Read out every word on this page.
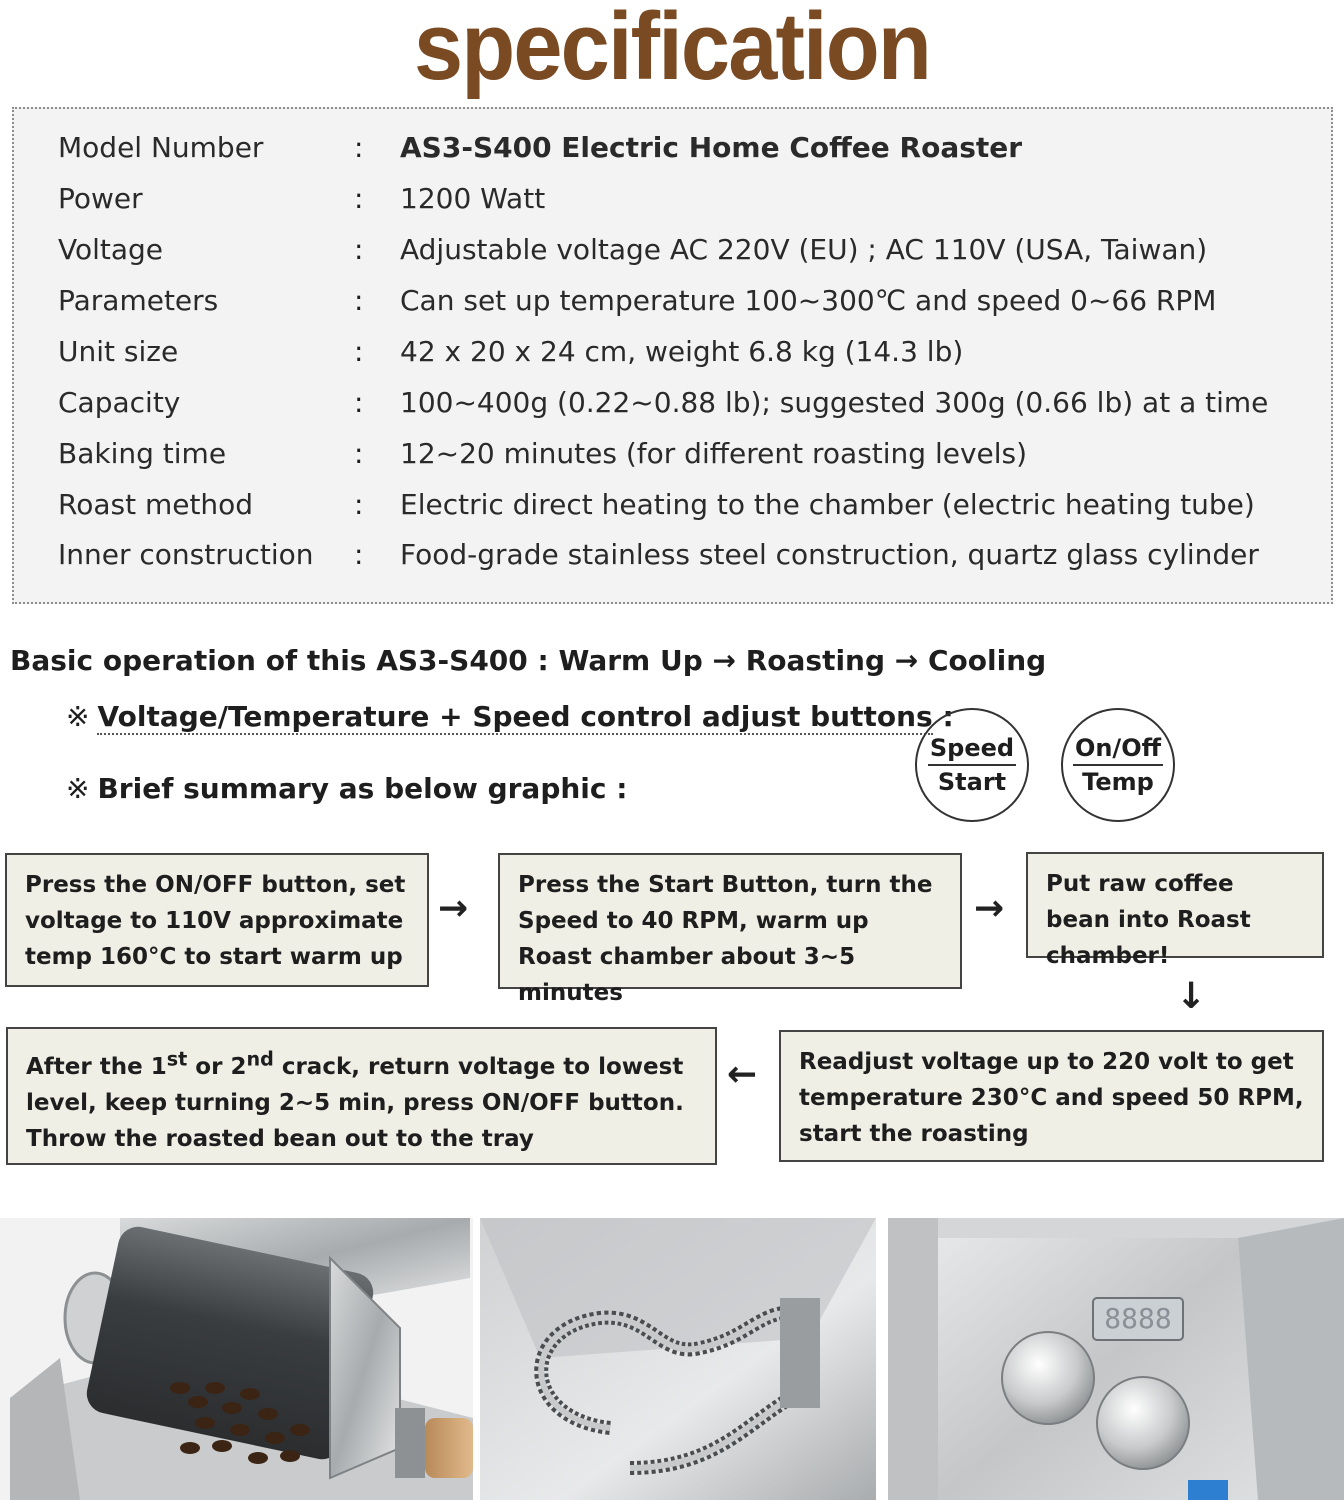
specification
Model Number	: AS3-S400 Electric Home Coffee Roaster
Power	: 1200 Watt
Voltage	: Adjustable voltage AC 220V (EU) ; AC 110V (USA, Taiwan)
Parameters	: Can set up temperature 100~300℃ and speed 0~66 RPM
Unit size	: 42 x 20 x 24 cm, weight 6.8 kg (14.3 lb)
Capacity	: 100~400g (0.22~0.88 lb); suggested 300g (0.66 lb) at a time
Baking time	: 12~20 minutes (for different roasting levels)
Roast method	: Electric direct heating to the chamber (electric heating tube)
Inner construction : Food-grade stainless steel construction, quartz glass cylinder
Basic operation of this AS3-S400 : Warm Up → Roasting → Cooling
※ Voltage/Temperature + Speed control adjust buttons :
※ Brief summary as below graphic :
Speed
Start
On/Off
Temp
Press the ON/OFF button, set voltage to 110V approximate temp 160°C to start warm up
→
Press the Start Button, turn the Speed to 40 RPM, warm up Roast chamber about 3~5 minutes
→
Put raw coffee bean into Roast chamber!
↓
Readjust voltage up to 220 volt to get temperature 230°C and speed 50 RPM, start the roasting
←
After the 1st or 2nd crack, return voltage to lowest level, keep turning 2~5 min, press ON/OFF button. Throw the roasted bean out to the tray
8888
